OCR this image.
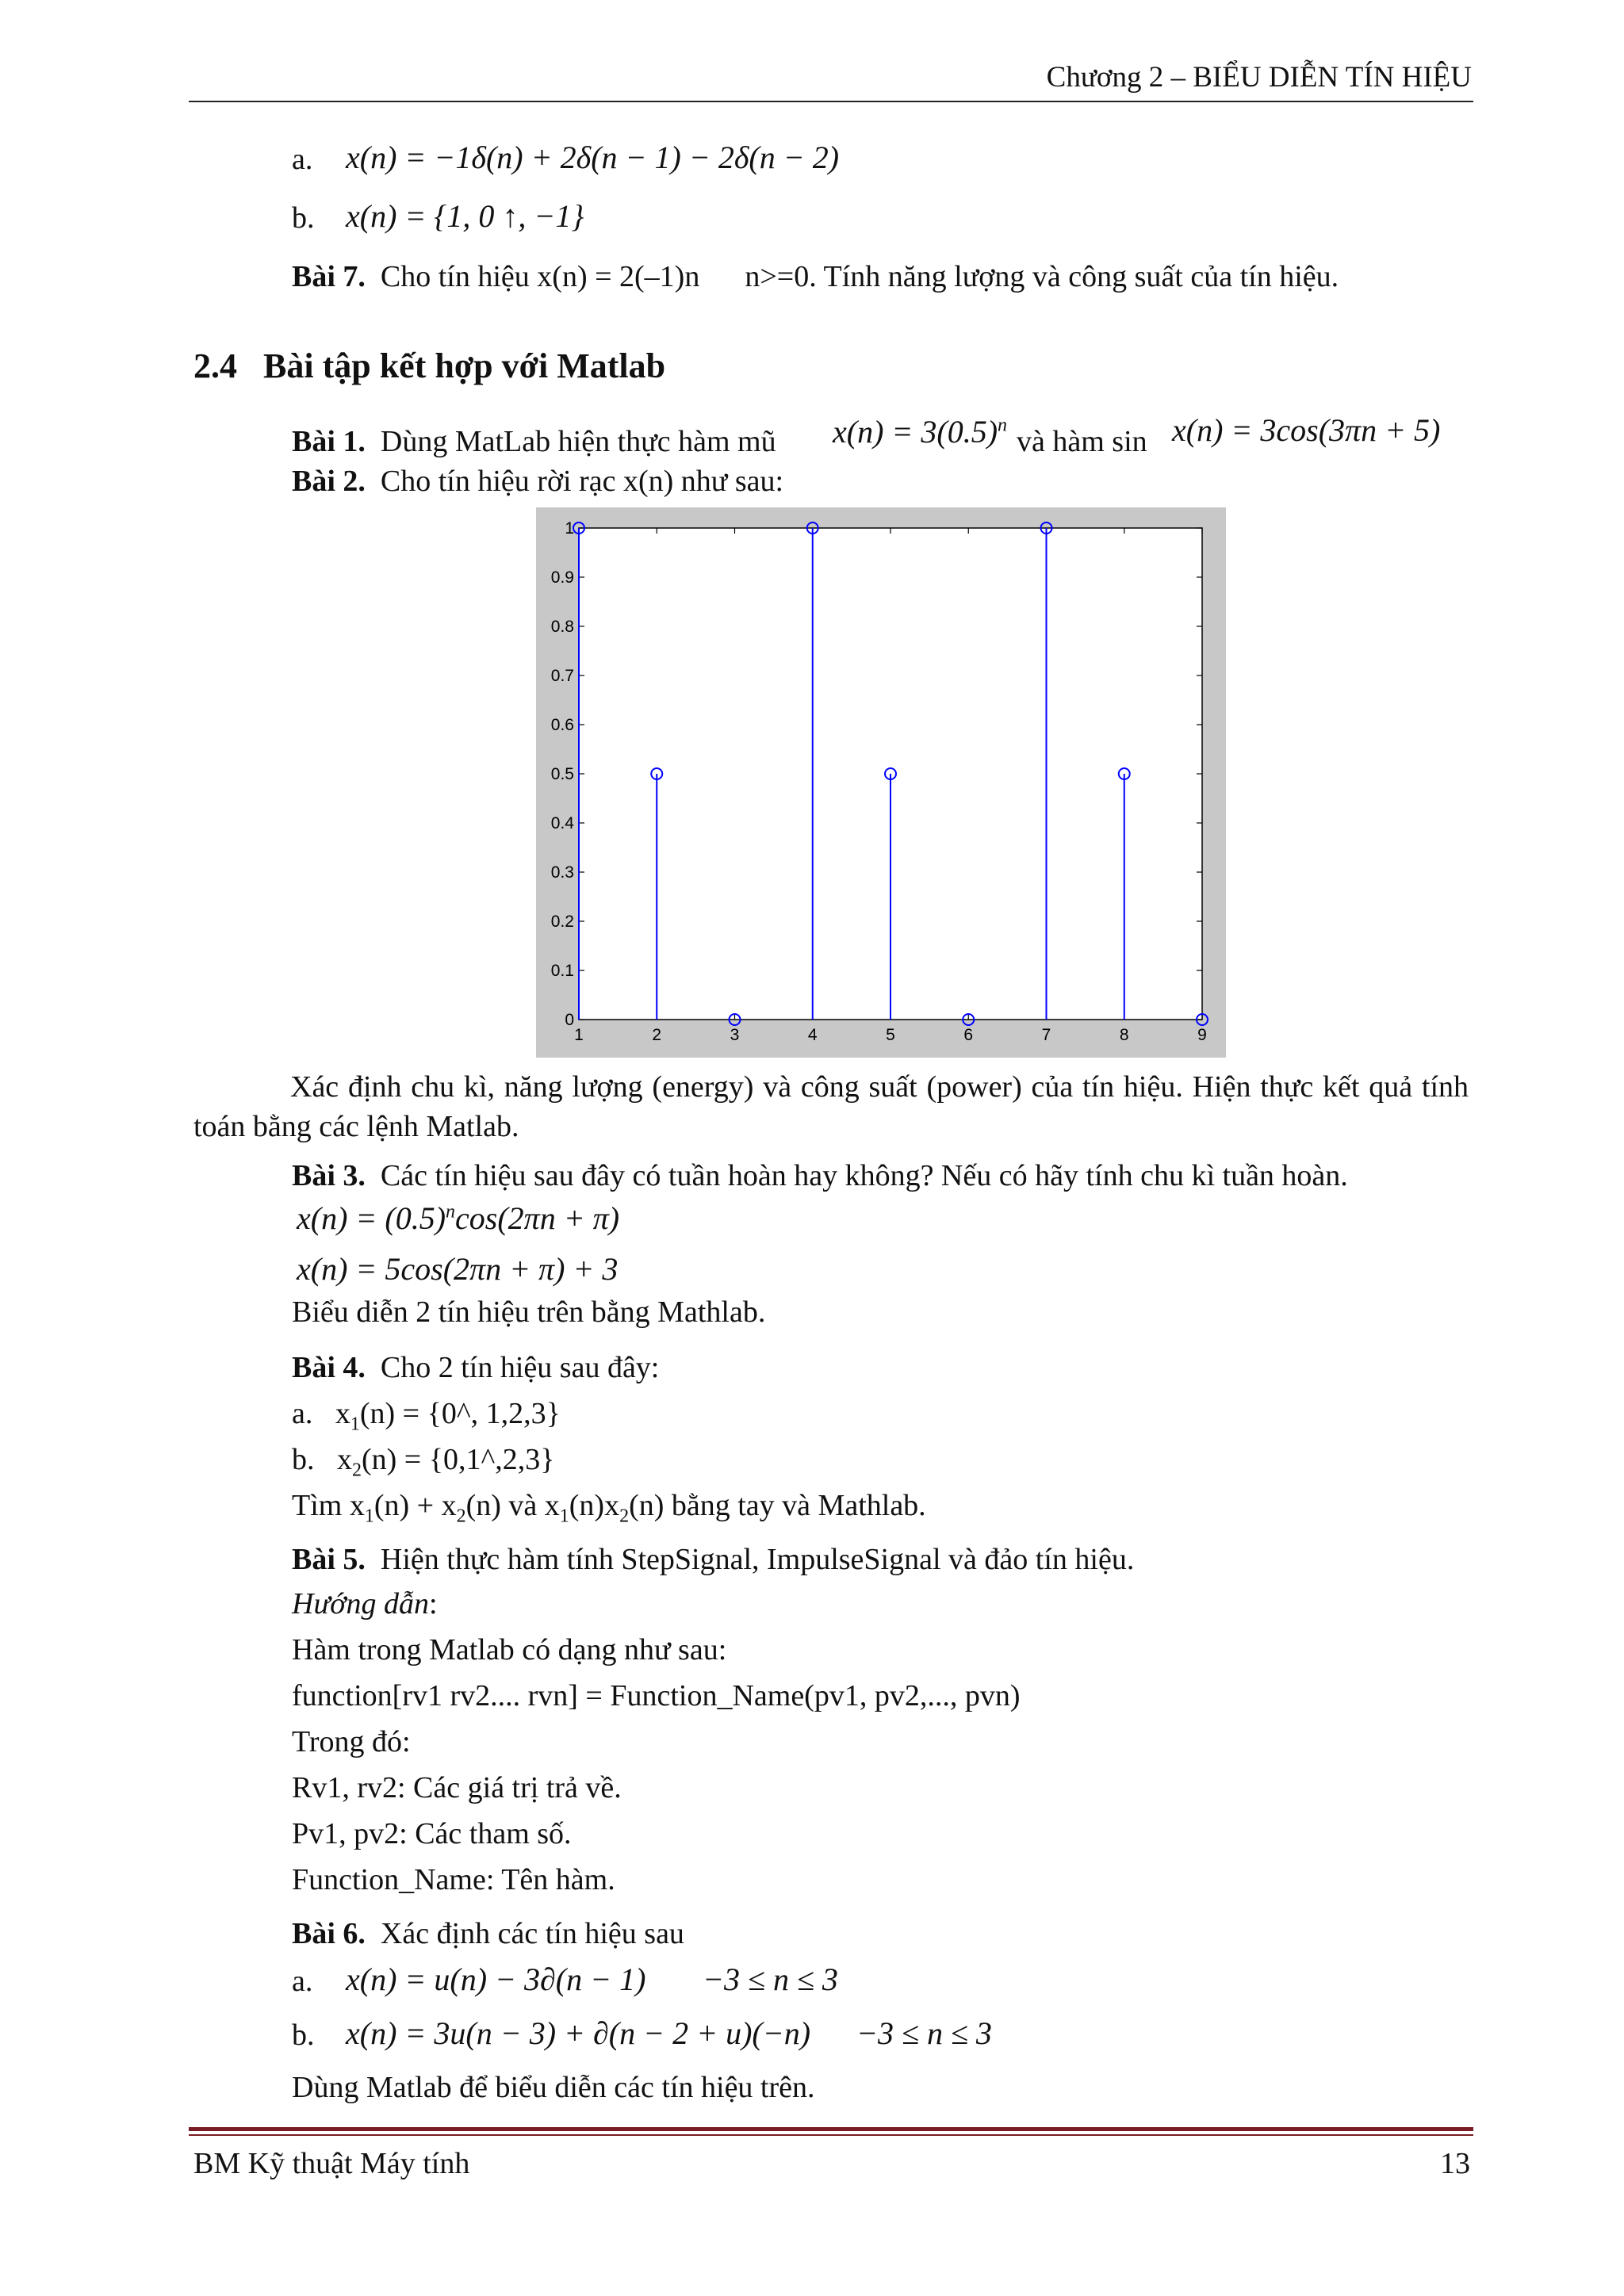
Chương 2 – BIỂU DIỄN TÍN HIỆU
a. x(n) = −1δ(n) + 2δ(n − 1) − 2δ(n − 2)
b. x(n) = {1, 0 ↑, −1}
Bài 7. Cho tín hiệu x(n) = 2(–1)n      n>=0. Tính năng lượng và công suất của tín hiệu.
2.4 Bài tập kết hợp với Matlab
Bài 1. Dùng MatLab hiện thực hàm mũ $x(n) = 3(0.5)^n$ và hàm sin x(n) = 3cos(3πn + 5)
Bài 2. Cho tín hiệu rời rạc x(n) như sau:
0
0.1
0.2
0.3
0.4
0.5
0.6
0.7
0.8
0.9
1
1	2	3	4	5	6	7	8	9
Xác định chu kì, năng lượng (energy) và công suất (power) của tín hiệu. Hiện thực kết quả tính toán bằng các lệnh Matlab.
Bài 3. Các tín hiệu sau đây có tuần hoàn hay không? Nếu có hãy tính chu kì tuần hoàn.
$x(n) = (0.5)^n\cos(2\pi n + \pi)$
x(n) = 5cos(2πn + π) + 3
Biểu diễn 2 tín hiệu trên bằng Mathlab.
Bài 4. Cho 2 tín hiệu sau đây:
a. $x_1(n)$ = {0^, 1,2,3}
b. $x_2(n)$ = {0,1^,2,3}
Tìm $x_1(n) + x_2(n)$ và $x_1(n)x_2(n)$ bằng tay và Mathlab.
Bài 5. Hiện thực hàm tính StepSignal, ImpulseSignal và đảo tín hiệu.
Hướng dẫn:
Hàm trong Matlab có dạng như sau:
function[rv1 rv2.... rvn] = Function_Name(pv1, pv2,..., pvn)
Trong đó:
Rv1, rv2: Các giá trị trả về.
Pv1, pv2: Các tham số.
Function_Name: Tên hàm.
Bài 6. Xác định các tín hiệu sau
a. x(n) = u(n) − 3∂(n − 1) −3 ≤ n ≤ 3
b. x(n) = 3u(n − 3) + ∂(n − 2 + u)(−n) −3 ≤ n ≤ 3
Dùng Matlab để biểu diễn các tín hiệu trên.
BM Kỹ thuật Máy tính	13
